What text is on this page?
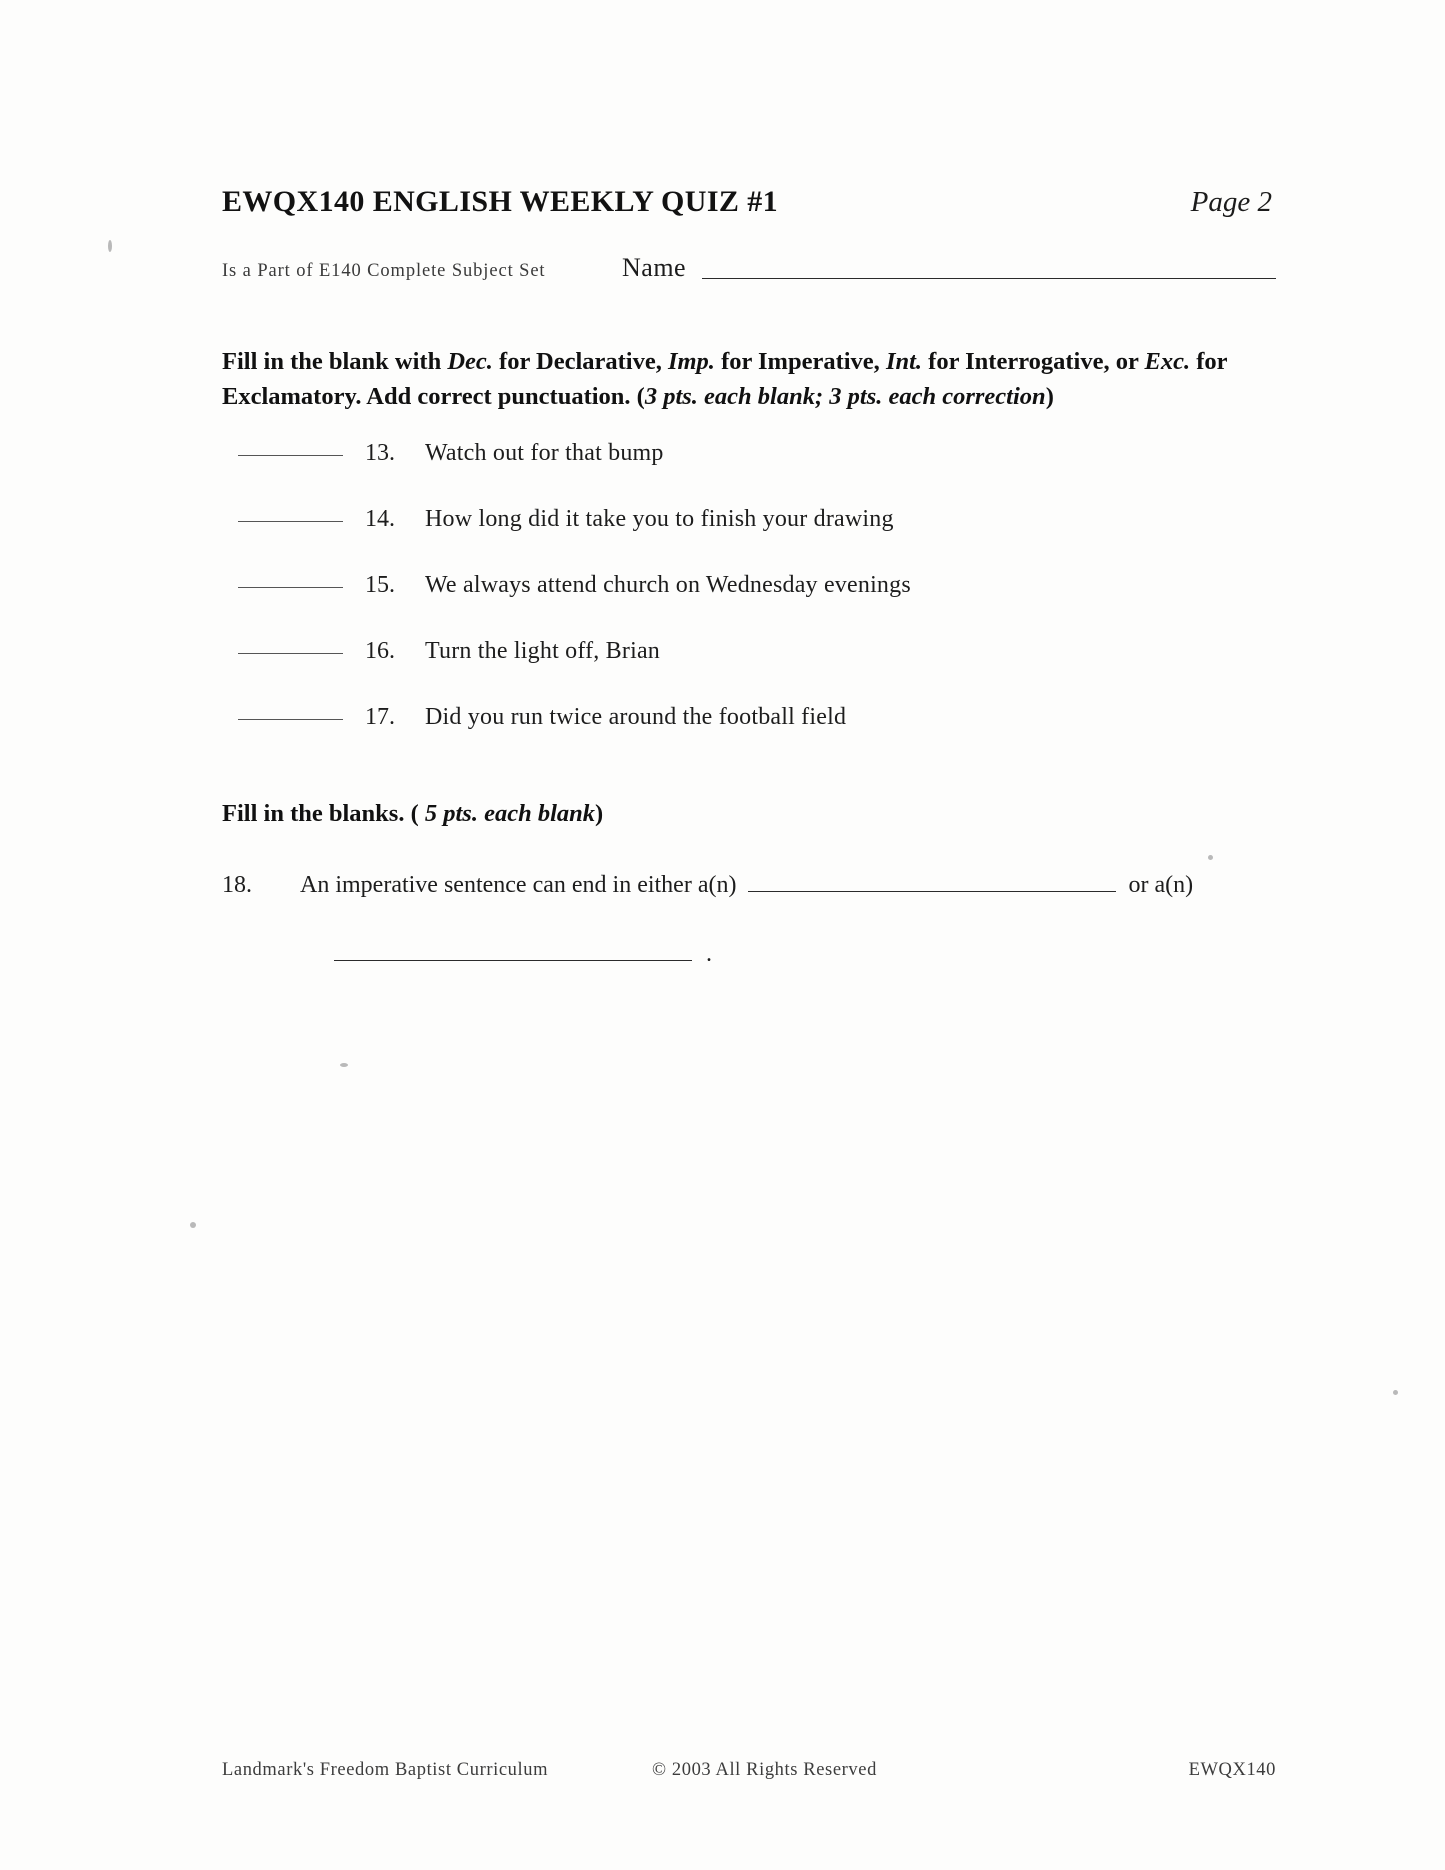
EWQX140 ENGLISH WEEKLY QUIZ #1	Page 2
Is a Part of E140 Complete Subject Set	Name
Fill in the blank with Dec. for Declarative, Imp. for Imperative, Int. for Interrogative, or Exc. for Exclamatory. Add correct punctuation. (3 pts. each blank; 3 pts. each correction)
13.	Watch out for that bump
14.	How long did it take you to finish your drawing
15.	We always attend church on Wednesday evenings
16.	Turn the light off, Brian
17.	Did you run twice around the football field
Fill in the blanks. ( 5 pts. each blank)
18.	An imperative sentence can end in either a(n)	or a(n)
.
Landmark's Freedom Baptist Curriculum	© 2003 All Rights Reserved	EWQX140
